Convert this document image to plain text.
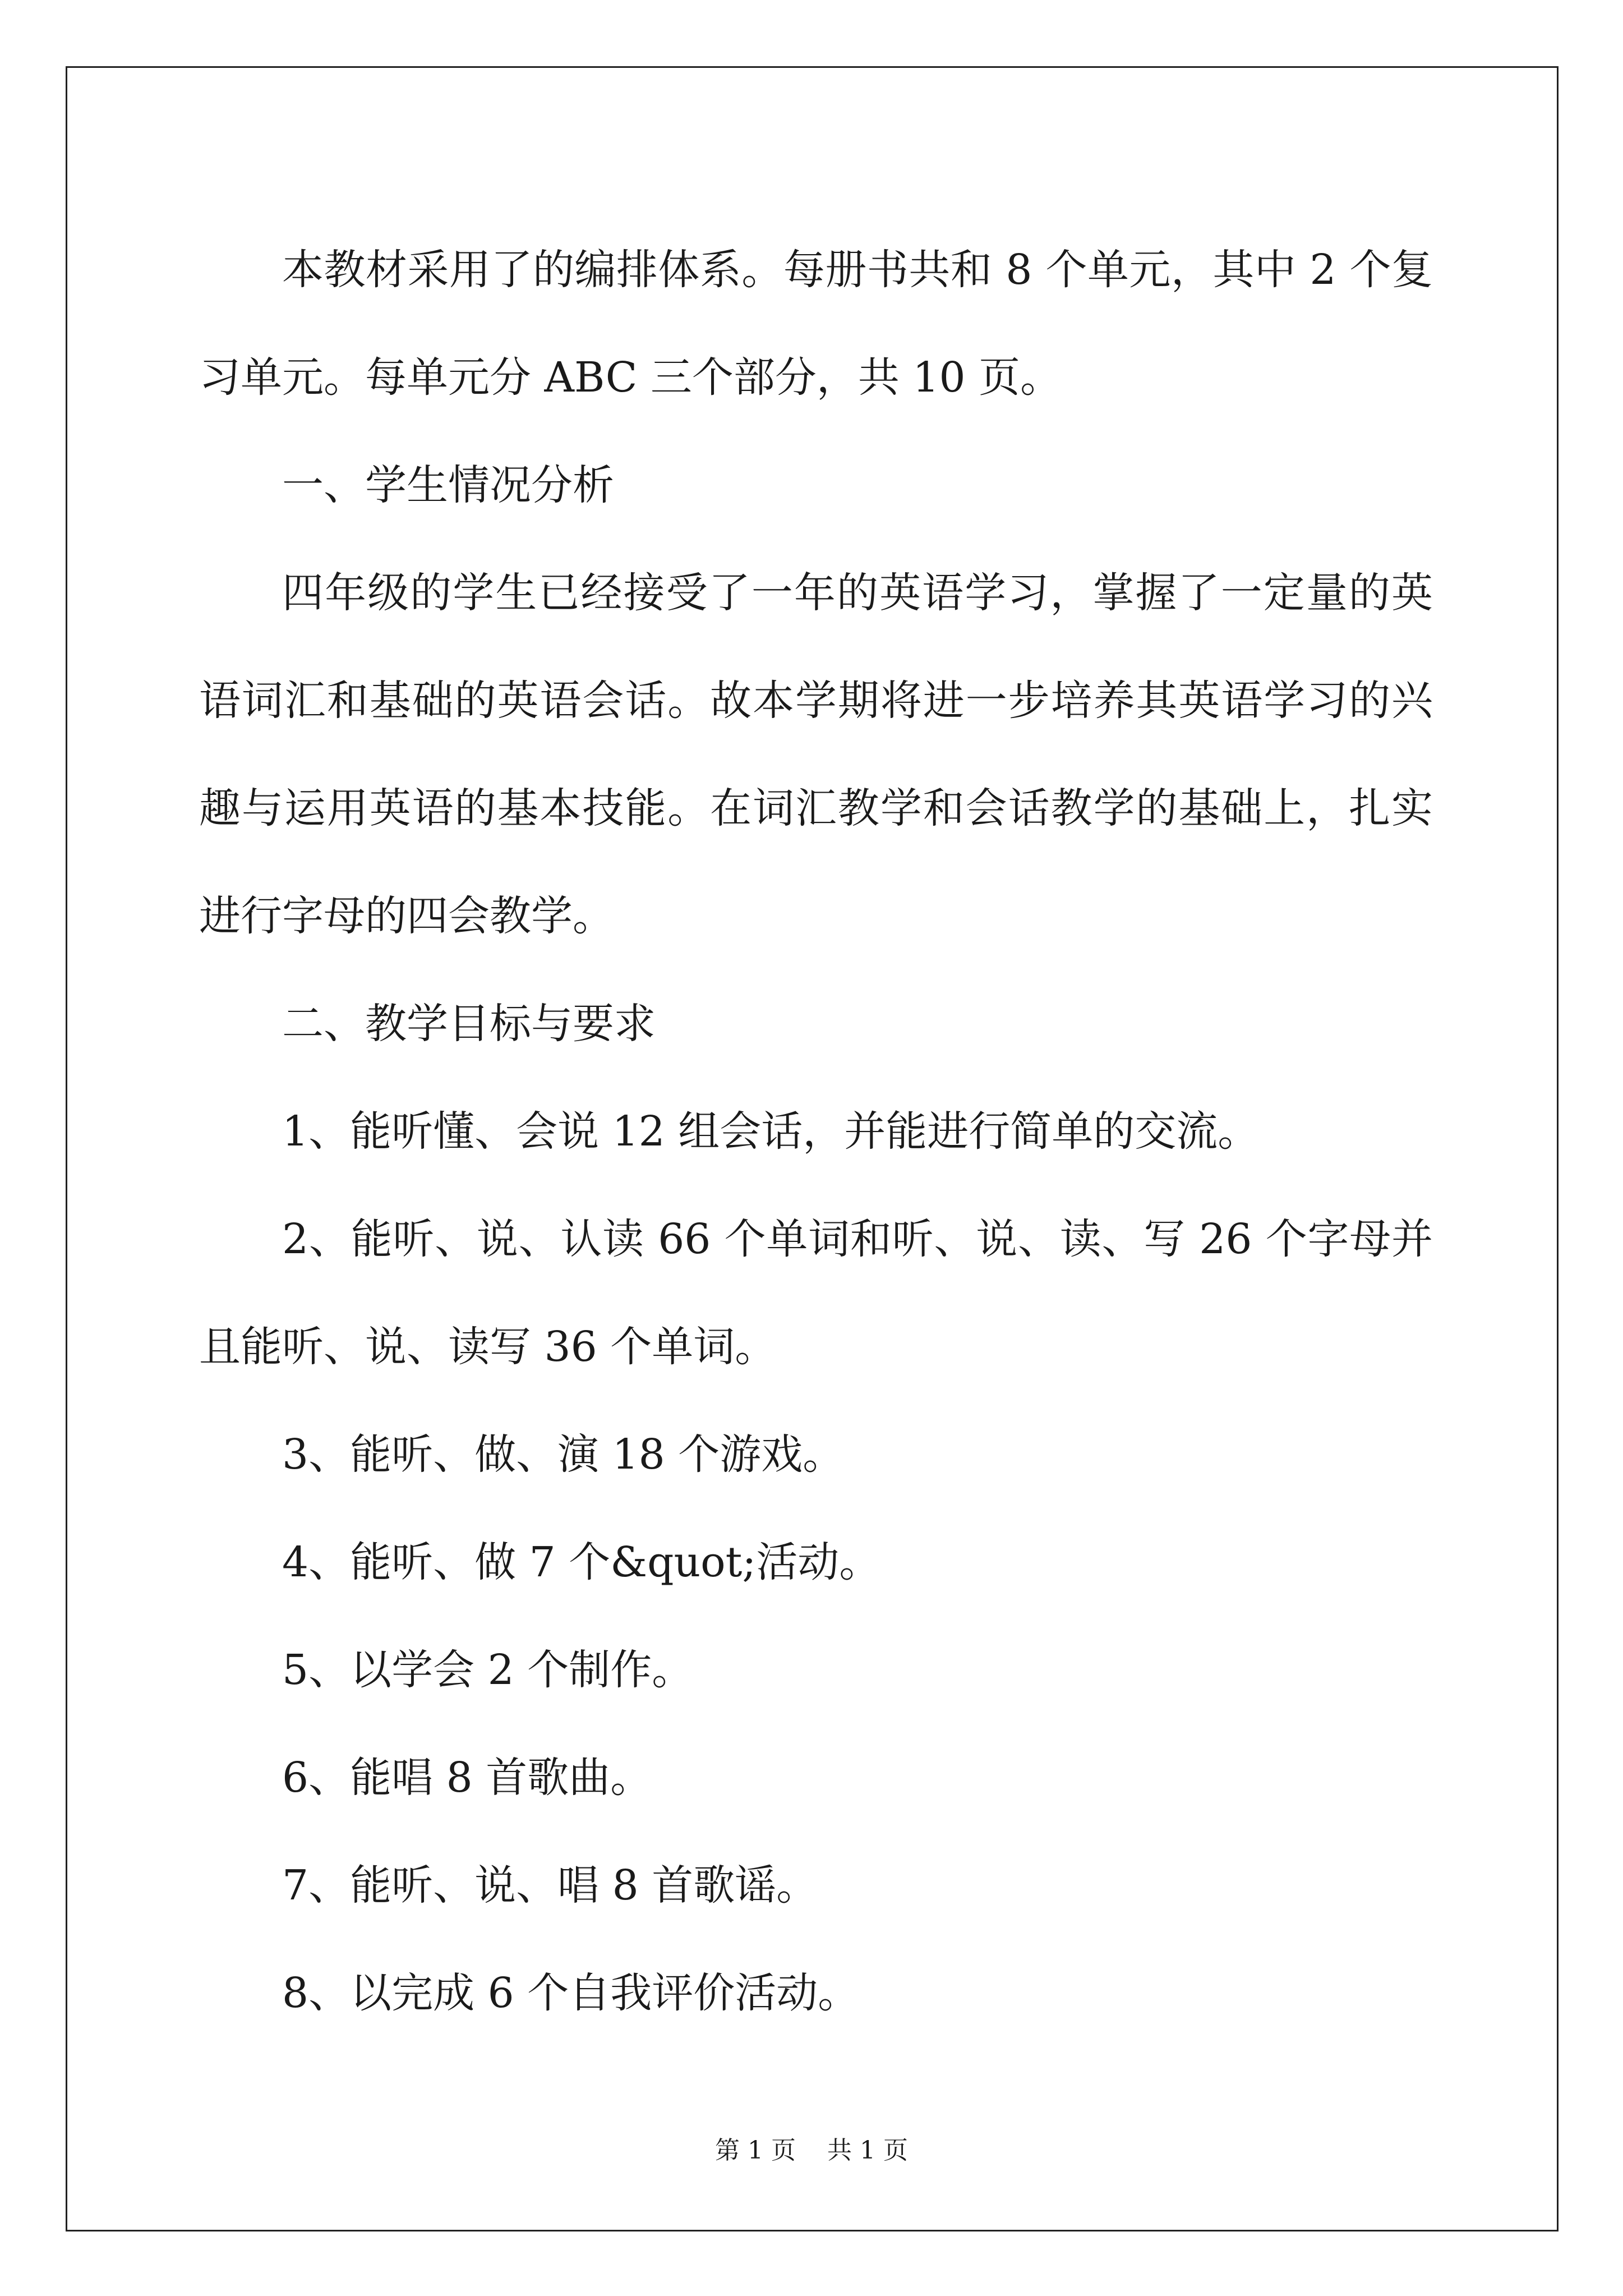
本教材采用了的编排体系。每册书共和 8 个单元，其中 2 个复习单元。每单元分 ABC 三个部分，共 10 页。

一、学生情况分析

四年级的学生已经接受了一年的英语学习，掌握了一定量的英语词汇和基础的英语会话。故本学期将进一步培养其英语学习的兴趣与运用英语的基本技能。在词汇教学和会话教学的基础上，扎实进行字母的四会教学。

二、教学目标与要求

1、能听懂、会说 12 组会话，并能进行简单的交流。

2、能听、说、认读 66 个单词和听、说、读、写 26 个字母并且能听、说、读写 36 个单词。

3、能听、做、演 18 个游戏。

4、能听、做 7 个&quot;活动。

5、以学会 2 个制作。

6、能唱 8 首歌曲。

7、能听、说、唱 8 首歌谣。

8、以完成 6 个自我评价活动。

第 1 页 共 1 页
